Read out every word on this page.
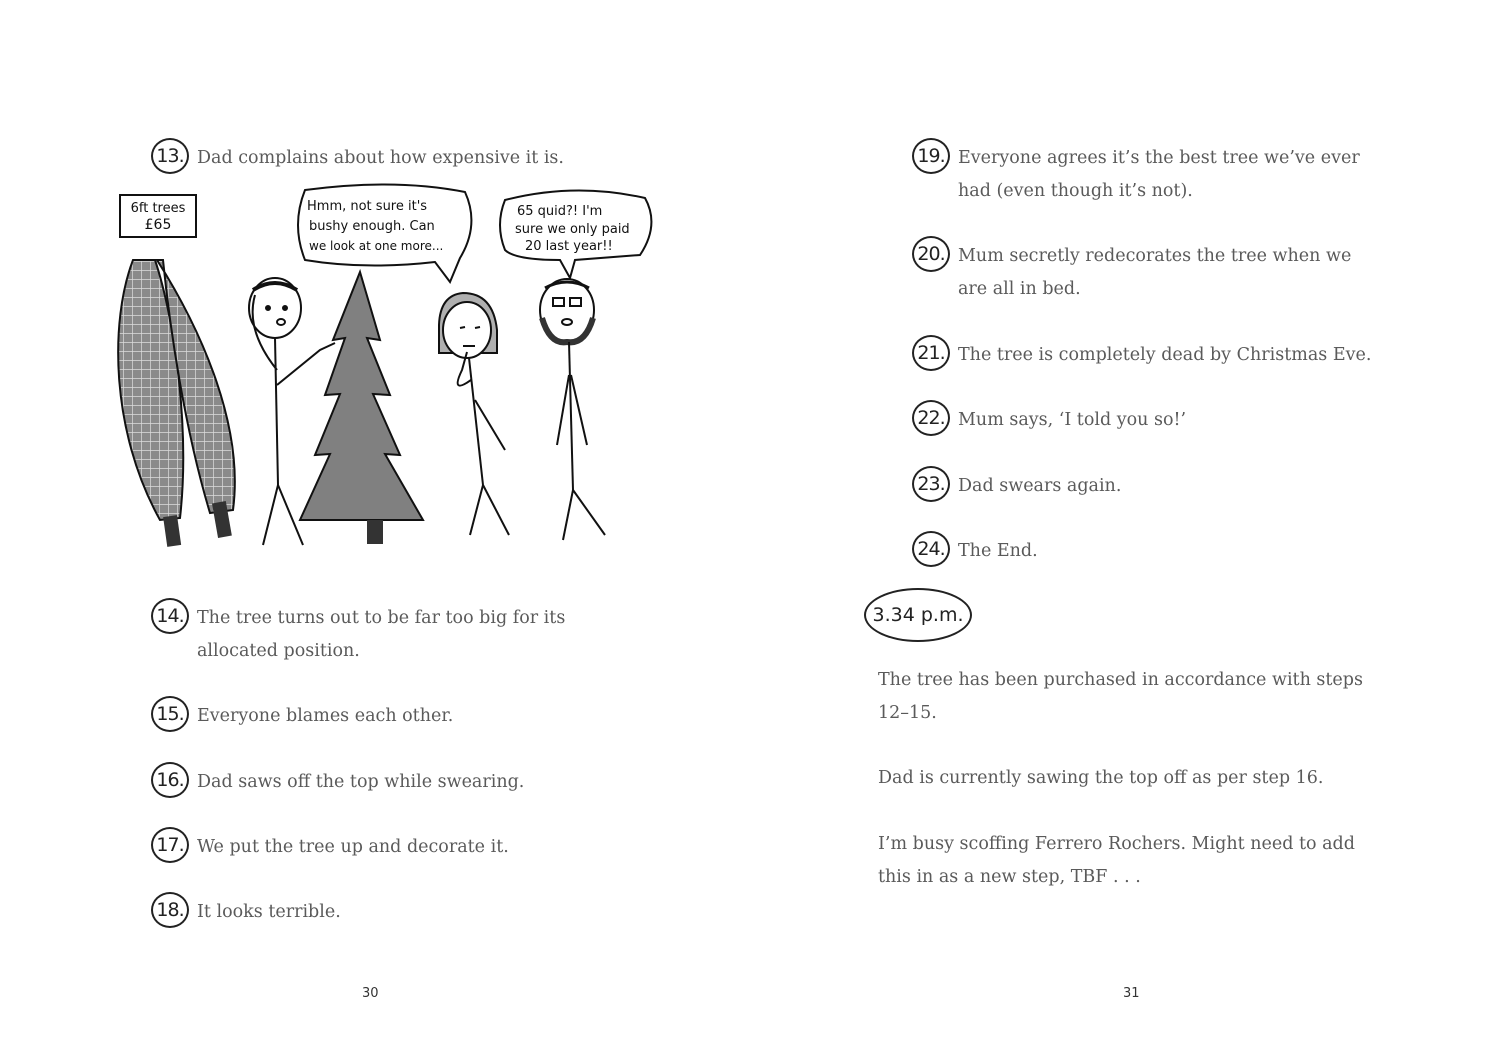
13. Dad complains about how expensive it is.
6ft trees
£65
Hmm, not sure it's
bushy enough. Can
we look at one more...
65 quid?! I'm
sure we only paid
20 last year!!
14. The tree turns out to be far too big for its allocated position.
15. Everyone blames each other.
16. Dad saws off the top while swearing.
17. We put the tree up and decorate it.
18. It looks terrible.
30
19. Everyone agrees it’s the best tree we’ve ever had (even though it’s not).
20. Mum secretly redecorates the tree when we are all in bed.
21. The tree is completely dead by Christmas Eve.
22. Mum says, ‘I told you so!’
23. Dad swears again.
24. The End.
3.34 p.m.
The tree has been purchased in accordance with steps 12–15.
Dad is currently sawing the top off as per step 16.
I’m busy scoffing Ferrero Rochers. Might need to add this in as a new step, TBF . . .
31
